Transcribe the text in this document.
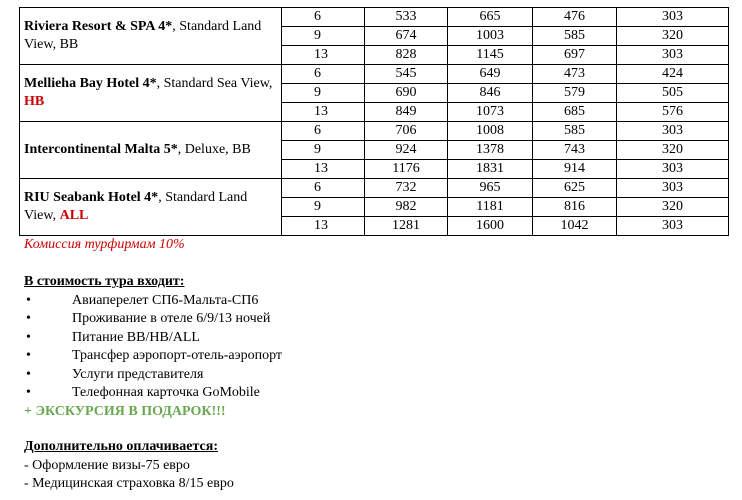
Riviera Resort & SPA 4*, Standard Land View, BB	6	533	665	476	303
	9	674	1003	585	320
	13	828	1145	697	303
Mellieha Bay Hotel 4*, Standard Sea View, HB	6	545	649	473	424
	9	690	846	579	505
	13	849	1073	685	576
Intercontinental Malta 5*, Deluxe, BB	6	706	1008	585	303
	9	924	1378	743	320
	13	1176	1831	914	303
RIU Seabank Hotel 4*, Standard Land View, ALL	6	732	965	625	303
	9	982	1181	816	320
	13	1281	1600	1042	303
Комиссия турфирмам 10%
В стоимость тура входит:
•	Авиаперелет СП6-Мальта-СП6
•	Проживание в отеле 6/9/13 ночей
•	Питание BB/HB/ALL
•	Трансфер аэропорт-отель-аэропорт
•	Услуги представителя
•	Телефонная карточка GoMobile
+ ЭКСКУРСИЯ В ПОДАРОК!!!
Дополнительно оплачивается:
- Оформление визы-75 евро
- Медицинская страховка 8/15 евро
